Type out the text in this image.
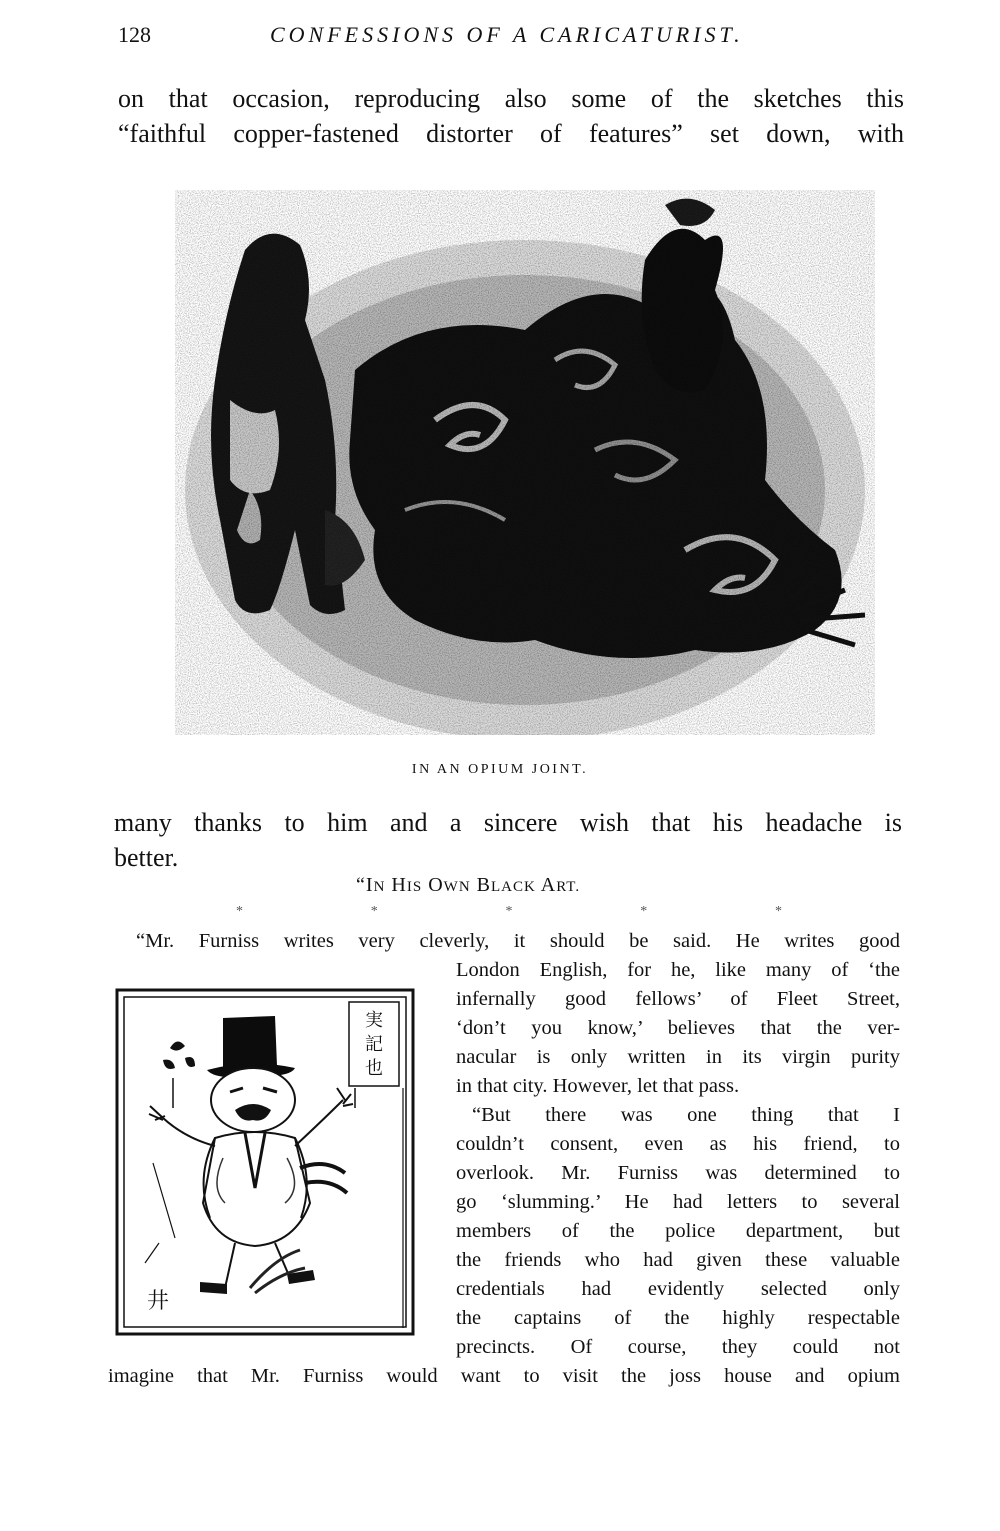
128	CONFESSIONS OF A CARICATURIST.
on that occasion, reproducing also some of the sketches this
“faithful copper-fastened distorter of features” set down, with
IN AN OPIUM JOINT.
many thanks to him and a sincere wish that his headache is
better.
“IN HIS OWN BLACK ART.
*	*	*	*	*
“Mr. Furniss writes very cleverly, it should be said. He writes good
London English, for he, like many of ‘the
infernally good fellows’ of Fleet Street,
‘don’t you know,’ believes that the ver-
nacular is only written in its virgin purity
in that city. However, let that pass.
“But there was one thing that I
couldn’t consent, even as his friend, to
overlook. Mr. Furniss was determined to
go ‘slumming.’ He had letters to several
members of the police department, but
the friends who had given these valuable
credentials had evidently selected only
the captains of the highly respectable
precincts. Of course, they could not
imagine that Mr. Furniss would want to visit the joss house and opium
実
記
也
井
